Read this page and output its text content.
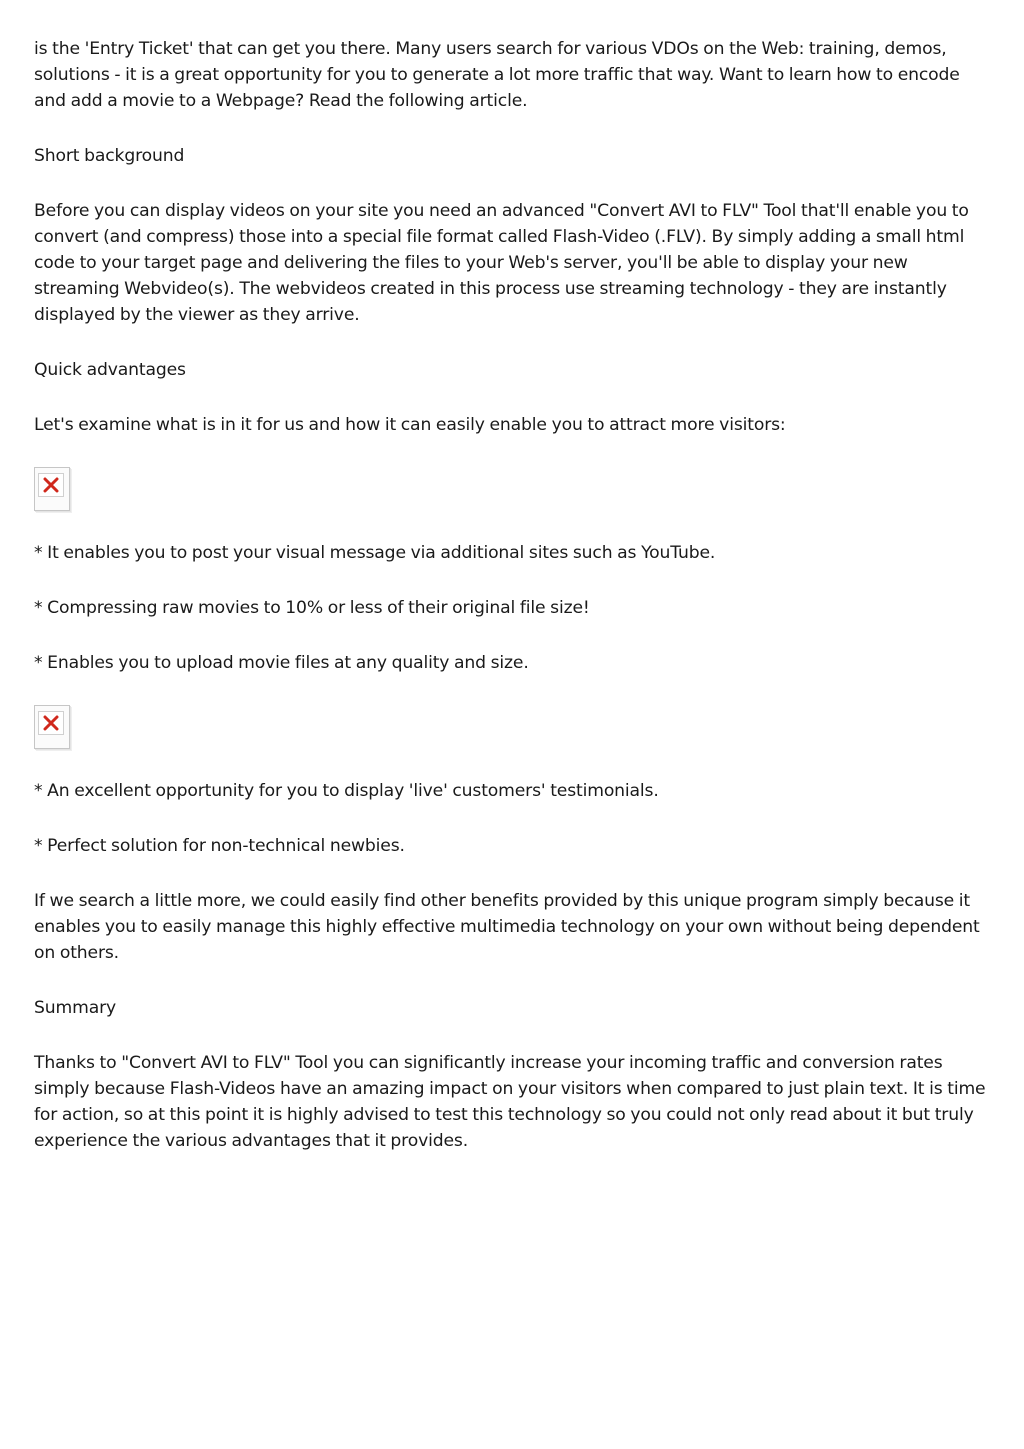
is the 'Entry Ticket' that can get you there. Many users search for various VDOs on the Web: training, demos, solutions - it is a great opportunity for you to generate a lot more traffic that way. Want to learn how to encode and add a movie to a Webpage? Read the following article.

Short background

Before you can display videos on your site you need an advanced "Convert AVI to FLV" Tool that'll enable you to convert (and compress) those into a special file format called Flash-Video (.FLV). By simply adding a small html code to your target page and delivering the files to your Web's server, you'll be able to display your new streaming Webvideo(s). The webvideos created in this process use streaming technology - they are instantly displayed by the viewer as they arrive.

Quick advantages

Let's examine what is in it for us and how it can easily enable you to attract more visitors:

* It enables you to post your visual message via additional sites such as YouTube.

* Compressing raw movies to 10% or less of their original file size!

* Enables you to upload movie files at any quality and size.

* An excellent opportunity for you to display 'live' customers' testimonials.

* Perfect solution for non-technical newbies.

If we search a little more, we could easily find other benefits provided by this unique program simply because it enables you to easily manage this highly effective multimedia technology on your own without being dependent on others.

Summary

Thanks to "Convert AVI to FLV" Tool you can significantly increase your incoming traffic and conversion rates simply because Flash-Videos have an amazing impact on your visitors when compared to just plain text. It is time for action, so at this point it is highly advised to test this technology so you could not only read about it but truly experience the various advantages that it provides.
